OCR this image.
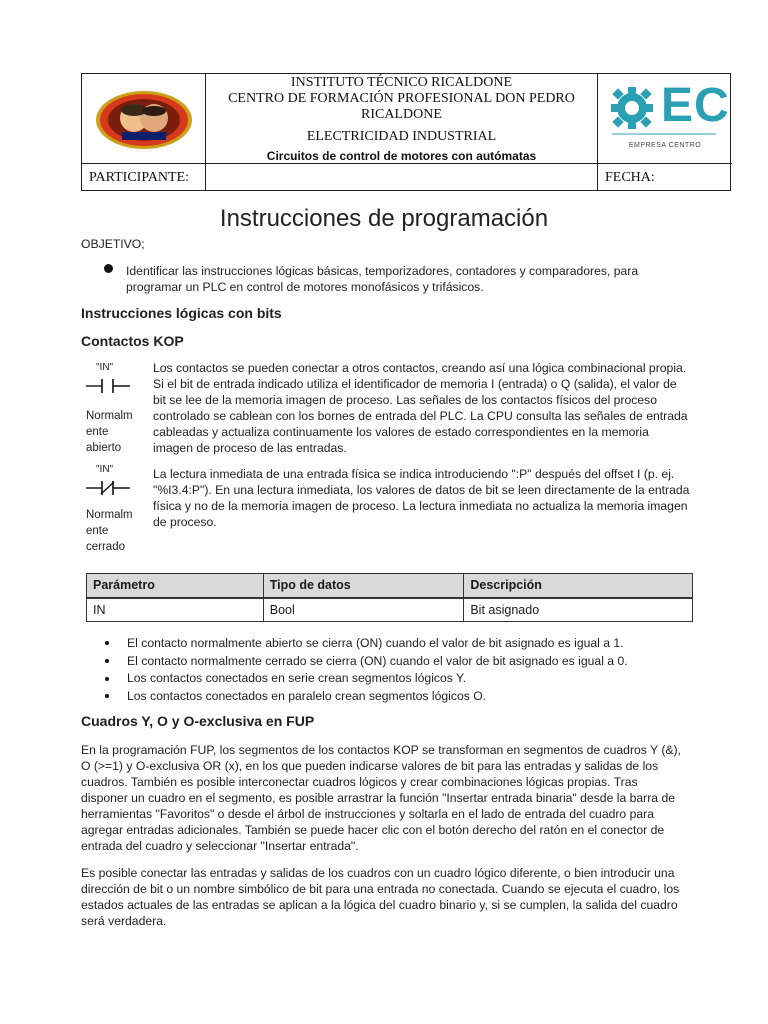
INSTITUTO TÉCNICO RICALDONE
CENTRO DE FORMACIÓN PROFESIONAL DON PEDRO
RICALDONE
ELECTRICIDAD INDUSTRIAL
Circuitos de control de motores con autómatas
EC
EMPRESA CENTRO
PARTICIPANTE:	FECHA:
Instrucciones de programación
OBJETIVO;
Identificar las instrucciones lógicas básicas, temporizadores, contadores y comparadores, para
programar un PLC en control de motores monofásicos y trifásicos.
Instrucciones lógicas con bits
Contactos KOP
"IN"
Normalm
ente
abierto
"IN"
Normalm
ente
cerrado
Los contactos se pueden conectar a otros contactos, creando así una lógica combinacional propia.
Si el bit de entrada indicado utiliza el identificador de memoria I (entrada) o Q (salida), el valor de
bit se lee de la memoria imagen de proceso. Las señales de los contactos físicos del proceso
controlado se cablean con los bornes de entrada del PLC. La CPU consulta las señales de entrada
cableadas y actualiza continuamente los valores de estado correspondientes en la memoria
imagen de proceso de las entradas.
La lectura inmediata de una entrada física se indica introduciendo ":P" después del offset I (p. ej.
"%I3.4:P"). En una lectura inmediata, los valores de datos de bit se leen directamente de la entrada
física y no de la memoria imagen de proceso. La lectura inmediata no actualiza la memoria imagen
de proceso.
Parámetro	Tipo de datos	Descripción
IN	Bool	Bit asignado
El contacto normalmente abierto se cierra (ON) cuando el valor de bit asignado es igual a 1.
El contacto normalmente cerrado se cierra (ON) cuando el valor de bit asignado es igual a 0.
Los contactos conectados en serie crean segmentos lógicos Y.
Los contactos conectados en paralelo crean segmentos lógicos O.
Cuadros Y, O y O-exclusiva en FUP
En la programación FUP, los segmentos de los contactos KOP se transforman en segmentos de cuadros Y (&),
O (>=1) y O-exclusiva OR (x), en los que pueden indicarse valores de bit para las entradas y salidas de los
cuadros. También es posible interconectar cuadros lógicos y crear combinaciones lógicas propias. Tras
disponer un cuadro en el segmento, es posible arrastrar la función "Insertar entrada binaria" desde la barra de
herramientas "Favoritos" o desde el árbol de instrucciones y soltarla en el lado de entrada del cuadro para
agregar entradas adicionales. También se puede hacer clic con el botón derecho del ratón en el conector de
entrada del cuadro y seleccionar "Insertar entrada".
Es posible conectar las entradas y salidas de los cuadros con un cuadro lógico diferente, o bien introducir una
dirección de bit o un nombre simbólico de bit para una entrada no conectada. Cuando se ejecuta el cuadro, los
estados actuales de las entradas se aplican a la lógica del cuadro binario y, si se cumplen, la salida del cuadro
será verdadera.
